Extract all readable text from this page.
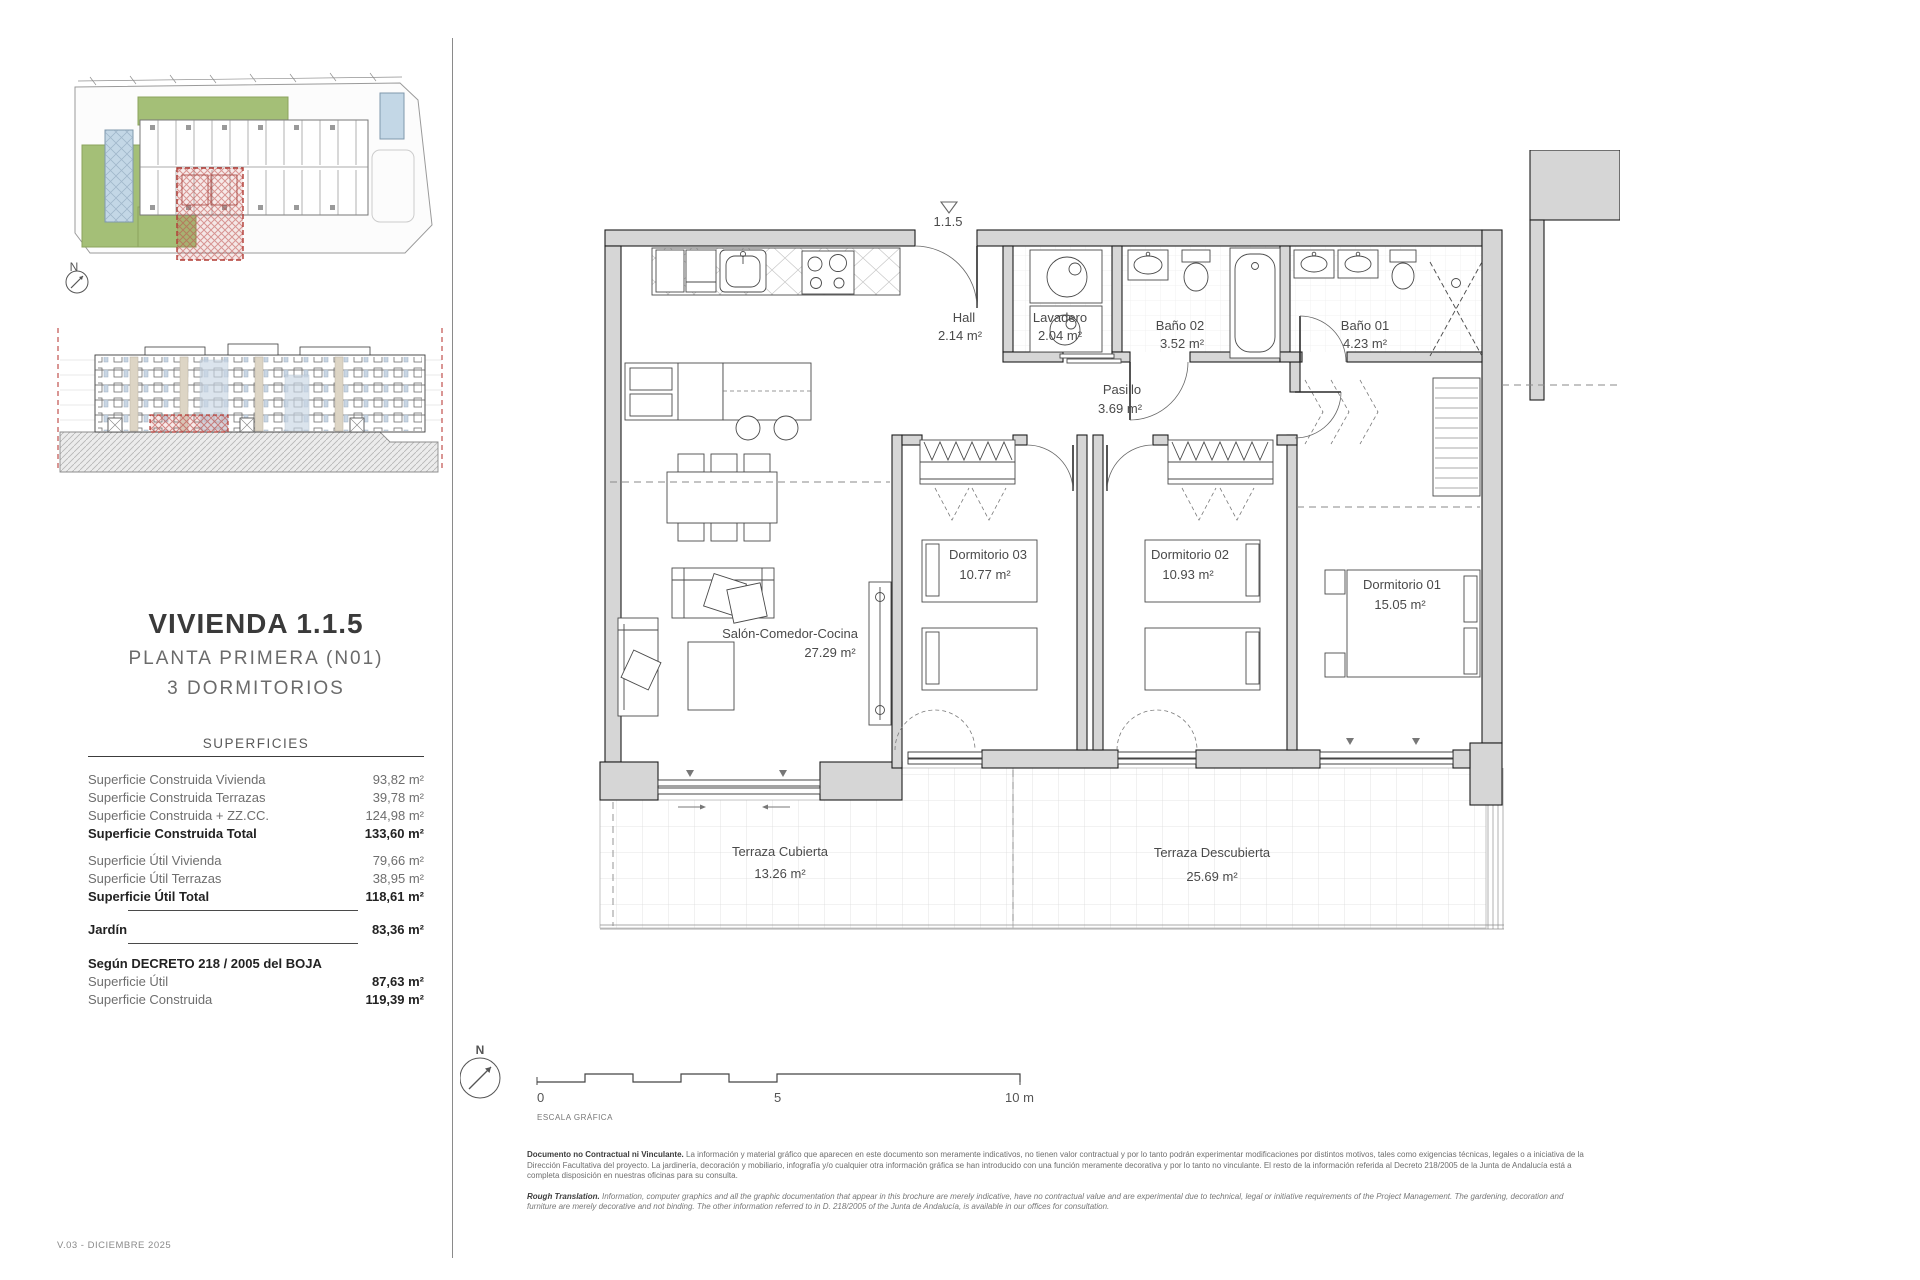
N
VIVIENDA 1.1.5
PLANTA PRIMERA (N01)
3 DORMITORIOS
SUPERFICIES
Superficie Construida Vivienda	93,82 m²
Superficie Construida Terrazas	39,78 m²
Superficie Construida + ZZ.CC.	124,98 m²
Superficie Construida Total	133,60 m²
Superficie Útil Vivienda	79,66 m²
Superficie Útil Terrazas	38,95 m²
Superficie Útil Total	118,61 m²
Jardín	83,36 m²
Según DECRETO 218 / 2005 del BOJA
Superficie Útil	87,63 m²
Superficie Construida	119,39 m²
1.1.5
Hall
2.14 m²
Lavadero
2.04 m²
Baño 02
3.52 m²
Baño 01
4.23 m²
Pasillo
3.69 m²
Dormitorio 03
10.77 m²
Dormitorio 02
10.93 m²
Dormitorio 01
15.05 m²
Salón-Comedor-Cocina
27.29 m²
Terraza Cubierta
13.26 m²
Terraza Descubierta
25.69 m²
N
0	5	10 m
ESCALA GRÁFICA
Documento no Contractual ni Vinculante. La información y material gráfico que aparecen en este documento son meramente indicativos, no tienen valor contractual y por lo tanto podrán experimentar modificaciones por distintos motivos, tales como exigencias técnicas, legales o a iniciativa de la Dirección Facultativa del proyecto. La jardinería, decoración y mobiliario, infografía y/o cualquier otra información gráfica se han introducido con una función meramente decorativa y por lo tanto no vinculante. El resto de la información referida al Decreto 218/2005 de la Junta de Andalucía está a completa disposición en nuestras oficinas para su consulta.
Rough Translation. Information, computer graphics and all the graphic documentation that appear in this brochure are merely indicative, have no contractual value and are experimental due to technical, legal or initiative requirements of the Project Management. The gardening, decoration and furniture are merely decorative and not binding. The other information referred to in D. 218/2005 of the Junta de Andalucía, is available in our offices for consultation.
V.03 - DICIEMBRE 2025
